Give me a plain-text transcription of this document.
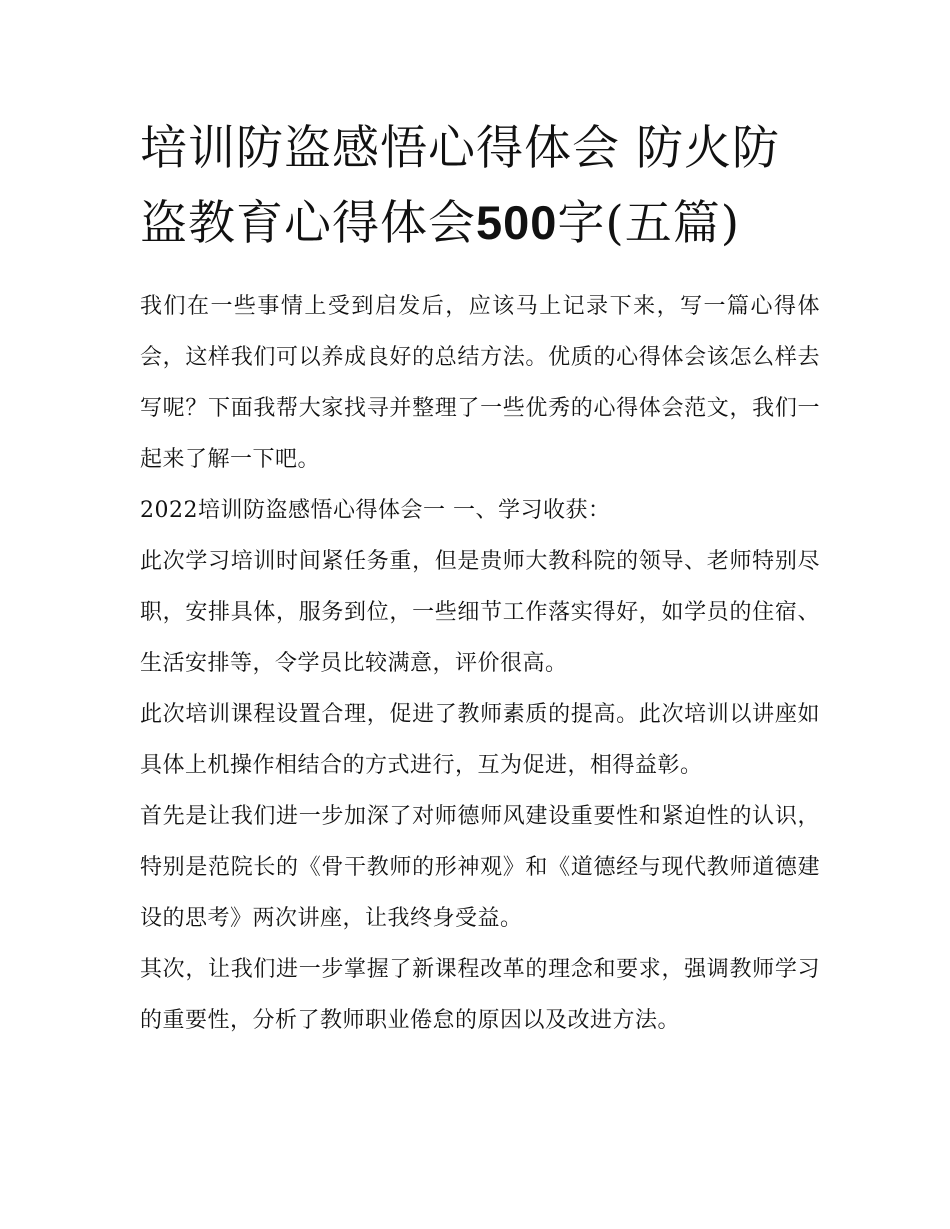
培训防盗感悟心得体会 防火防盗教育心得体会500字(五篇)

我们在一些事情上受到启发后，应该马上记录下来，写一篇心得体会，这样我们可以养成良好的总结方法。优质的心得体会该怎么样去写呢？下面我帮大家找寻并整理了一些优秀的心得体会范文，我们一起来了解一下吧。

2022培训防盗感悟心得体会一 一、学习收获：

此次学习培训时间紧任务重，但是贵师大教科院的领导、老师特别尽职，安排具体，服务到位，一些细节工作落实得好，如学员的住宿、生活安排等，令学员比较满意，评价很高。

此次培训课程设置合理，促进了教师素质的提高。此次培训以讲座如具体上机操作相结合的方式进行，互为促进，相得益彰。

首先是让我们进一步加深了对师德师风建设重要性和紧迫性的认识，特别是范院长的《骨干教师的形神观》和《道德经与现代教师道德建设的思考》两次讲座，让我终身受益。

其次，让我们进一步掌握了新课程改革的理念和要求，强调教师学习的重要性，分析了教师职业倦怠的原因以及改进方法。
